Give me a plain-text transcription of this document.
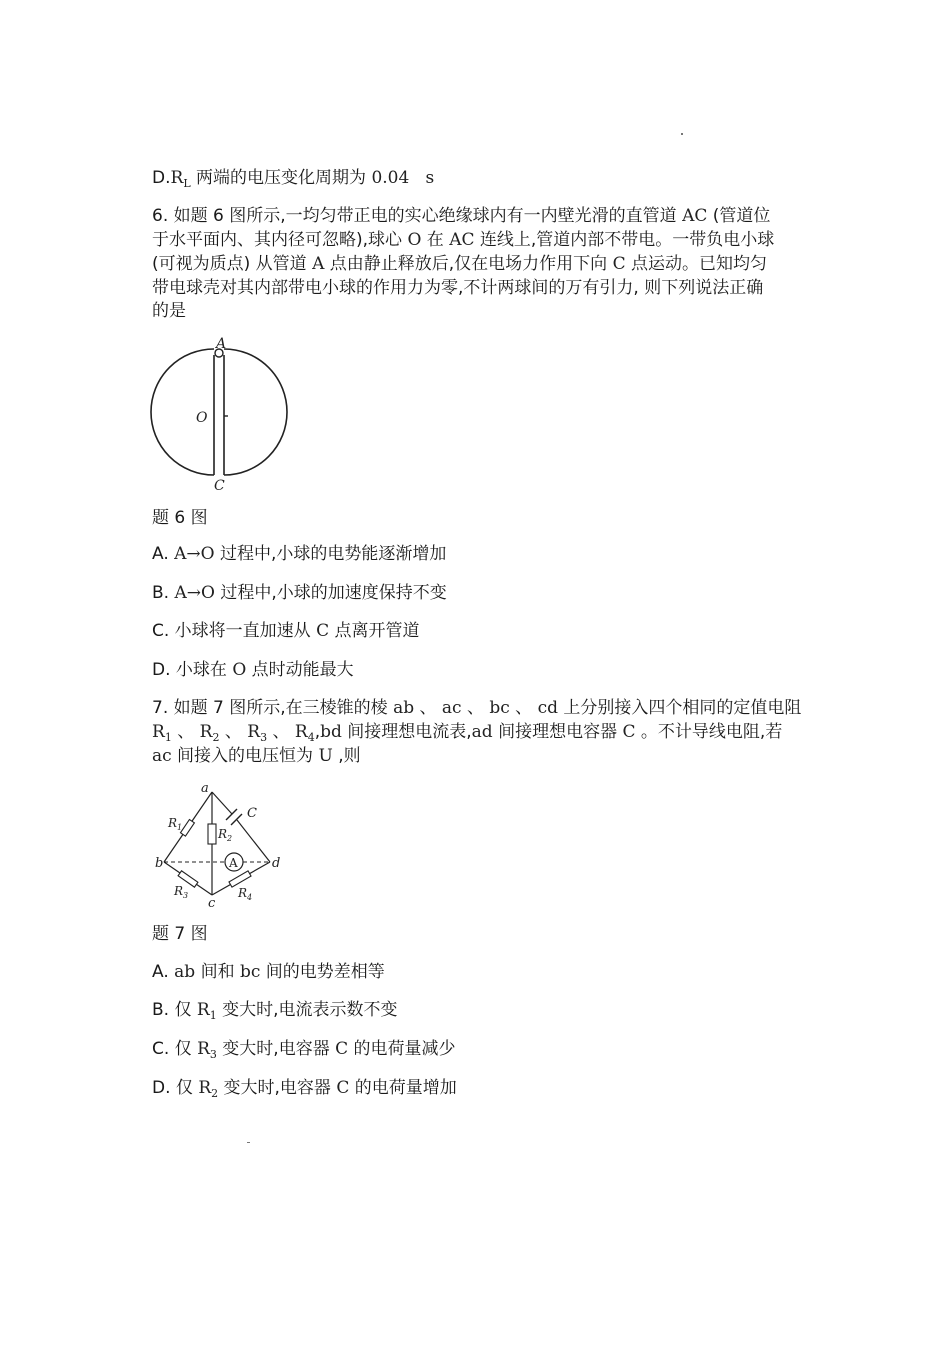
$D.R_L$ 两端的电压变化周期为 0.04 s
6. 如题 6 图所示,一均匀带正电的实心绝缘球内有一内壁光滑的直管道 AC (管道位
于水平面内、其内径可忽略),球心 O 在 AC 连线上,管道内部不带电。一带负电小球
(可视为质点) 从管道 A 点由静止释放后,仅在电场力作用下向 C 点运动。已知均匀
带电球壳对其内部带电小球的作用力为零,不计两球间的万有引力, 则下列说法正确
的是
A
O
C
题 6 图
A. A→O 过程中,小球的电势能逐渐增加
B. A→O 过程中,小球的加速度保持不变
C. 小球将一直加速从 C 点离开管道
D. 小球在 O 点时动能最大
7. 如题 7 图所示,在三棱锥的棱 ab 、 ac 、 bc 、 cd 上分别接入四个相同的定值电阻
$R_1$ 、 $R_2$ 、 $R_3$ 、 $R_4,bd$ 间接理想电流表,ad 间接理想电容器 C 。不计导线电阻,若
ac 间接入的电压恒为 U ,则
A
a
b
c
d
C
$R_1$	$R_2$
$R_3$	$R_4$
题 7 图
A. ab 间和 bc 间的电势差相等
B. 仅 $R_1$ 变大时,电流表示数不变
C. 仅 $R_3$ 变大时,电容器 C 的电荷量减少
D. 仅 $R_2$ 变大时,电容器 C 的电荷量增加
